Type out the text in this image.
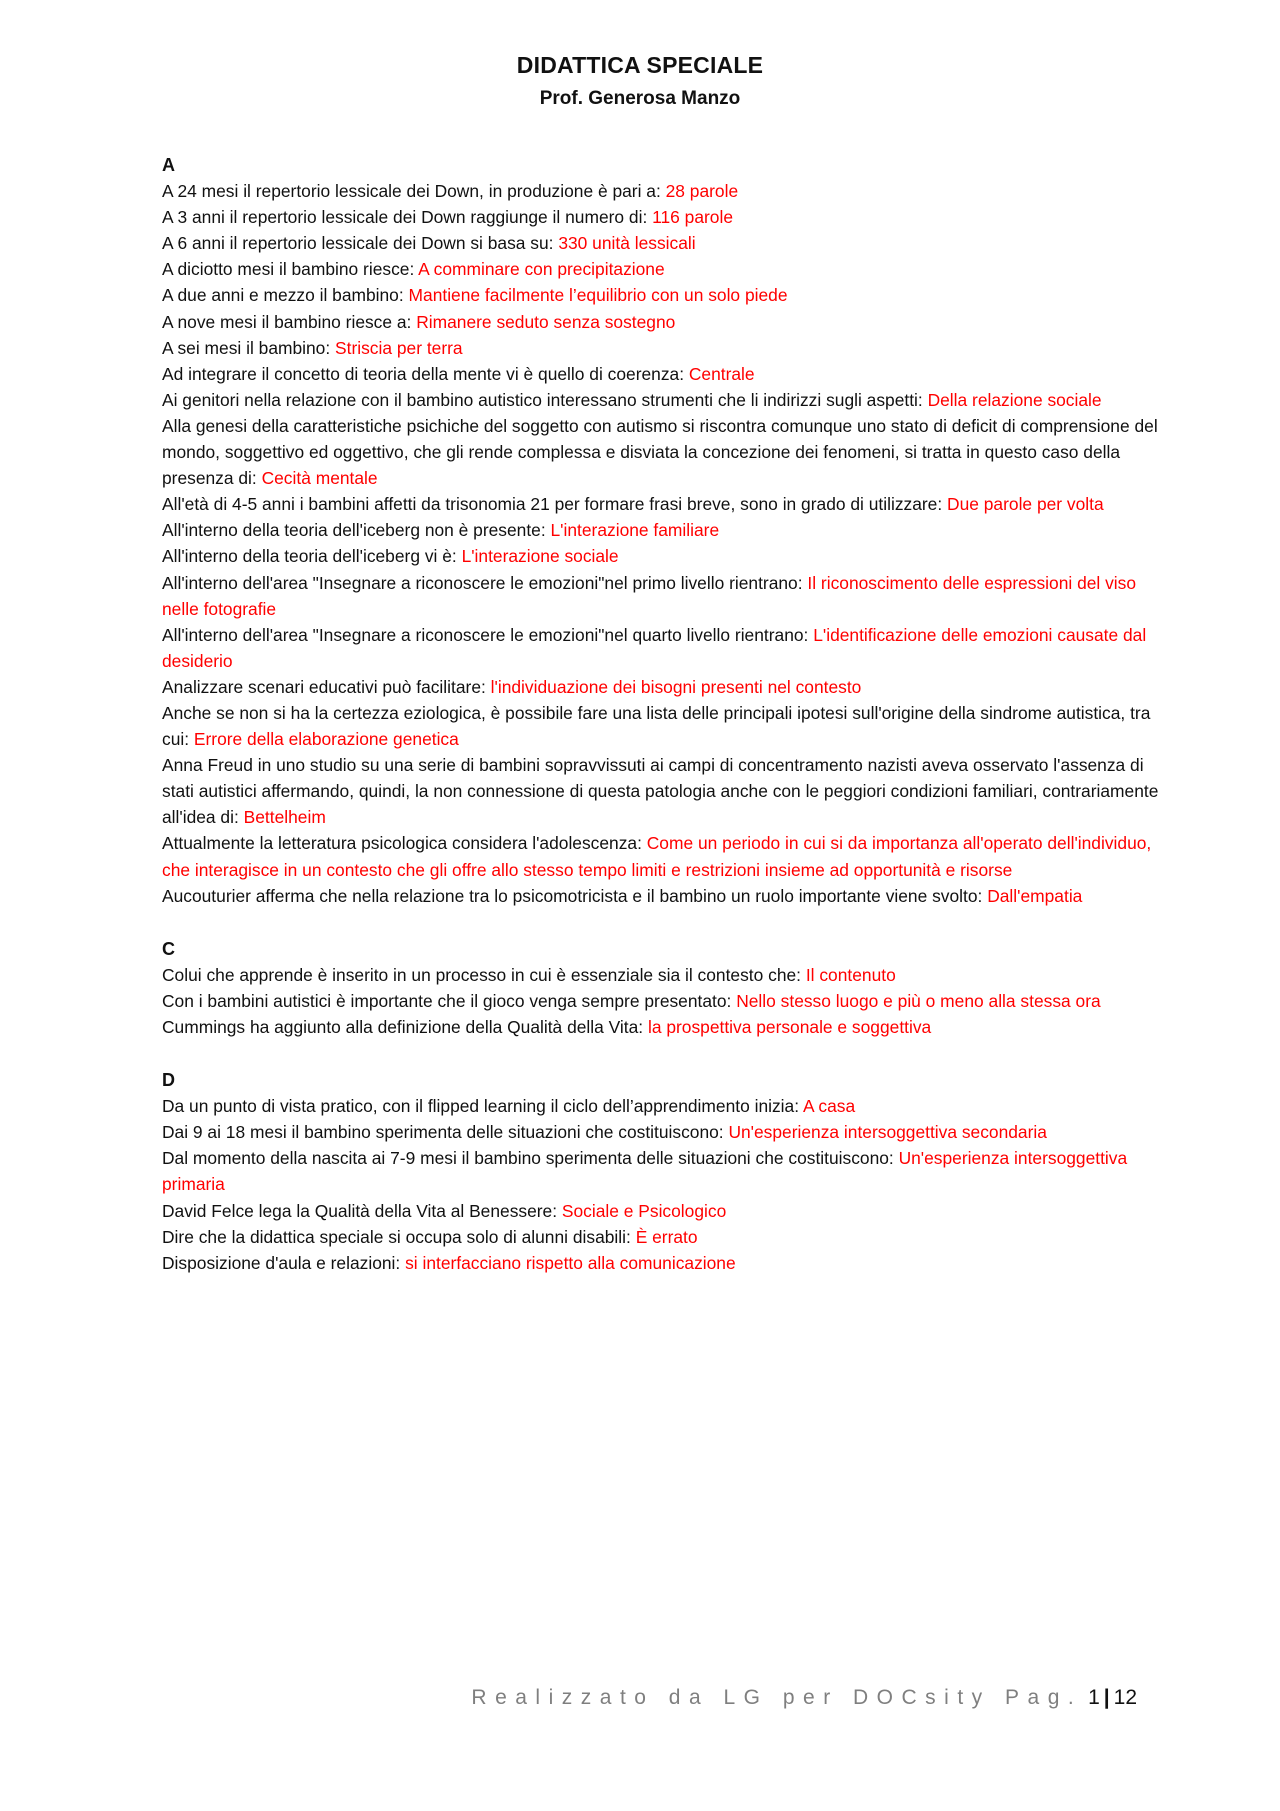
DIDATTICA SPECIALE
Prof. Generosa Manzo

A

A 24 mesi il repertorio lessicale dei Down, in produzione è pari a: 28 parole

A 3 anni il repertorio lessicale dei Down raggiunge il numero di: 116 parole

A 6 anni il repertorio lessicale dei Down si basa su: 330 unità lessicali

A diciotto mesi il bambino riesce: A comminare con precipitazione

A due anni e mezzo il bambino: Mantiene facilmente l’equilibrio con un solo piede

A nove mesi il bambino riesce a: Rimanere seduto senza sostegno

A sei mesi il bambino: Striscia per terra

Ad integrare il concetto di teoria della mente vi è quello di coerenza: Centrale

Ai genitori nella relazione con il bambino autistico interessano strumenti che li indirizzi sugli aspetti: Della relazione sociale

Alla genesi della caratteristiche psichiche del soggetto con autismo si riscontra comunque uno stato di deficit di comprensione del mondo, soggettivo ed oggettivo, che gli rende complessa e disviata la concezione dei fenomeni, si tratta in questo caso della presenza di: Cecità mentale

All'età di 4-5 anni i bambini affetti da trisonomia 21 per formare frasi breve, sono in grado di utilizzare: Due parole per volta

All'interno della teoria dell'iceberg non è presente: L'interazione familiare

All'interno della teoria dell'iceberg vi è: L'interazione sociale

All'interno dell'area "Insegnare a riconoscere le emozioni"nel primo livello rientrano: Il riconoscimento delle espressioni del viso nelle fotografie

All'interno dell'area "Insegnare a riconoscere le emozioni"nel quarto livello rientrano: L'identificazione delle emozioni causate dal desiderio

Analizzare scenari educativi può facilitare: l'individuazione dei bisogni presenti nel contesto

Anche se non si ha la certezza eziologica, è possibile fare una lista delle principali ipotesi sull'origine della sindrome autistica, tra cui: Errore della elaborazione genetica

Anna Freud in uno studio su una serie di bambini sopravvissuti ai campi di concentramento nazisti aveva osservato l'assenza di stati autistici affermando, quindi, la non connessione di questa patologia anche con le peggiori condizioni familiari, contrariamente all'idea di: Bettelheim

Attualmente la letteratura psicologica considera l'adolescenza: Come un periodo in cui si da importanza all'operato dell'individuo, che interagisce in un contesto che gli offre allo stesso tempo limiti e restrizioni insieme ad opportunità e risorse

Aucouturier afferma che nella relazione tra lo psicomotricista e il bambino un ruolo importante viene svolto: Dall'empatia

C

Colui che apprende è inserito in un processo in cui è essenziale sia il contesto che: Il contenuto

Con i bambini autistici è importante che il gioco venga sempre presentato: Nello stesso luogo e più o meno alla stessa ora

Cummings ha aggiunto alla definizione della Qualità della Vita: la prospettiva personale e soggettiva

D

Da un punto di vista pratico, con il flipped learning il ciclo dell’apprendimento inizia: A casa

Dai 9 ai 18 mesi il bambino sperimenta delle situazioni che costituiscono: Un'esperienza intersoggettiva secondaria

Dal momento della nascita ai 7-9 mesi il bambino sperimenta delle situazioni che costituiscono: Un'esperienza intersoggettiva primaria

David Felce lega la Qualità della Vita al Benessere: Sociale e Psicologico

Dire che la didattica speciale si occupa solo di alunni disabili: È errato

Disposizione d'aula e relazioni: si interfacciano rispetto alla comunicazione

Realizzato da LG per DOCsity Pag. 1 | 12
